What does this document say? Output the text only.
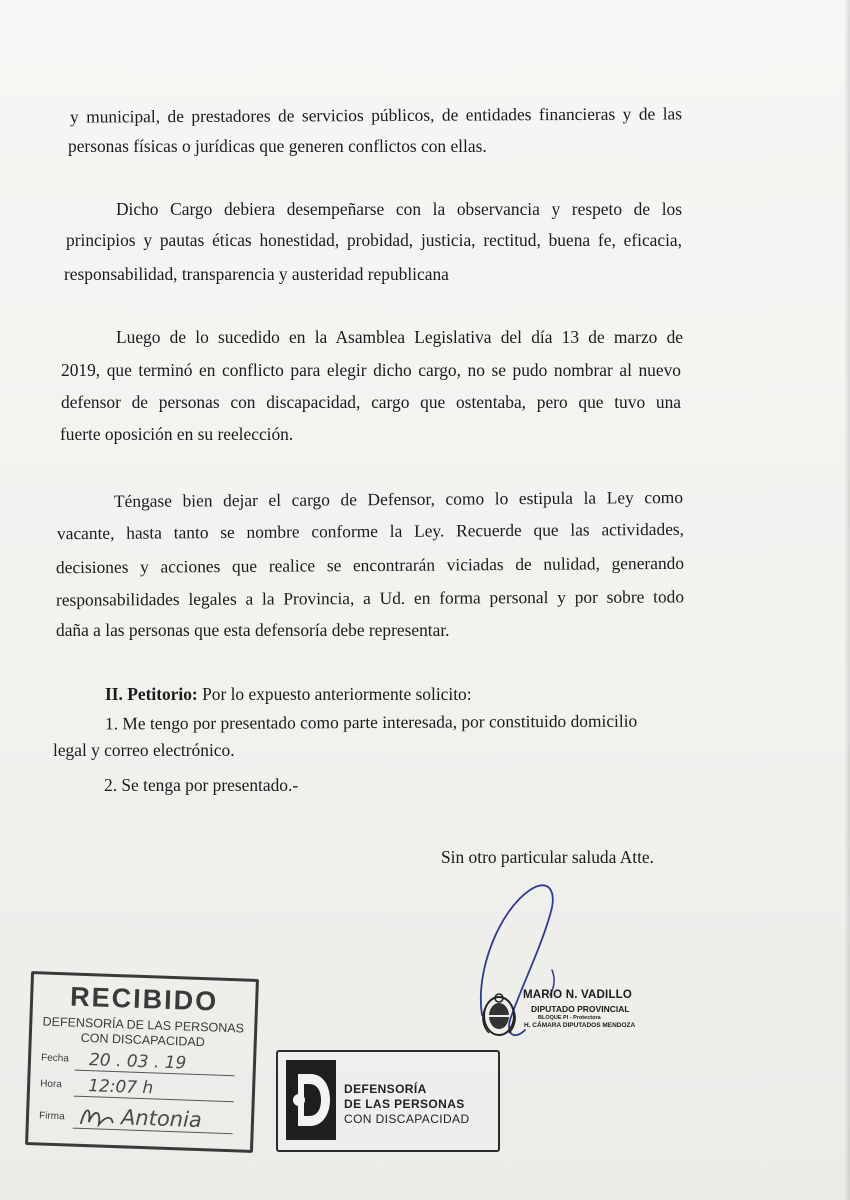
y municipal, de prestadores de servicios públicos, de entidades financieras y de las
personas físicas o jurídicas que generen conflictos con ellas.
Dicho Cargo debiera desempeñarse con la observancia y respeto de los
principios y pautas éticas honestidad, probidad, justicia, rectitud, buena fe, eficacia,
responsabilidad, transparencia y austeridad republicana
Luego de lo sucedido en la Asamblea Legislativa del día 13 de marzo de
2019, que terminó en conflicto para elegir dicho cargo, no se pudo nombrar al nuevo
defensor de personas con discapacidad, cargo que ostentaba, pero que tuvo una
fuerte oposición en su reelección.
Téngase bien dejar el cargo de Defensor, como lo estipula la Ley como
vacante, hasta tanto se nombre conforme la Ley. Recuerde que las actividades,
decisiones y acciones que realice se encontrarán viciadas de nulidad, generando
responsabilidades legales a la Provincia, a Ud. en forma personal y por sobre todo
daña a las personas que esta defensoría debe representar.
II. Petitorio: Por lo expuesto anteriormente solicito:
1. Me tengo por presentado como parte interesada, por constituido domicilio
legal y correo electrónico.
2. Se tenga por presentado.-
Sin otro particular saluda Atte.
MARIO N. VADILLO
DIPUTADO PROVINCIAL
BLOQUE PI - Protectora
H. CÁMARA DIPUTADOS MENDOZA
RECIBIDO
DEFENSORÍA DE LAS PERSONAS
CON DISCAPACIDAD
Fecha 20 . 03 . 19
Hora 12:07 h
Firma	Antonia
DEFENSORÍA
DE LAS PERSONAS
CON DISCAPACIDAD
